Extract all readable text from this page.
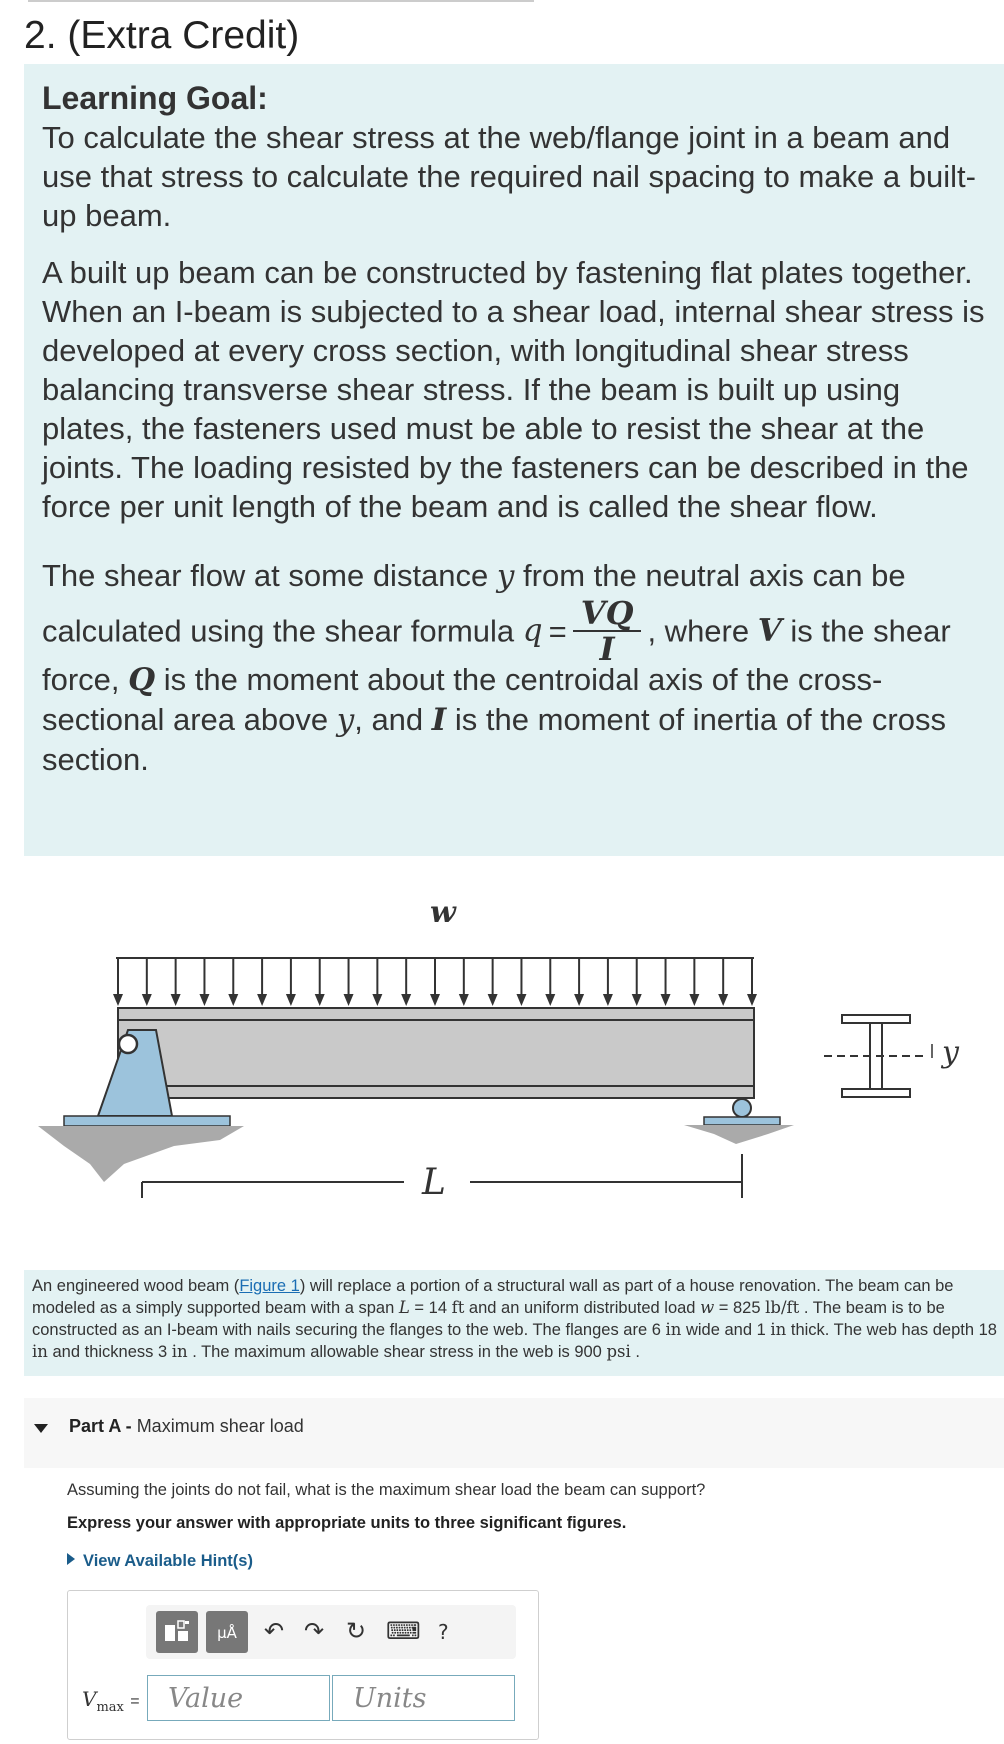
2. (Extra Credit)
Learning Goal:

To calculate the shear stress at the web/flange joint in a beam and use that stress to calculate the required nail spacing to make a built-up beam.

A built up beam can be constructed by fastening flat plates together. When an I-beam is subjected to a shear load, internal shear stress is developed at every cross section, with longitudinal shear stress balancing transverse shear stress. If the beam is built up using plates, the fasteners used must be able to resist the shear at the joints. The loading resisted by the fasteners can be described in the force per unit length of the beam and is called the shear flow.

The shear flow at some distance y from the neutral axis can be
calculated using the shear formula $q = \frac{VQ}{I}$ , where V is the shear
force, Q is the moment about the centroidal axis of the cross-
sectional area above y, and I is the moment of inertia of the cross
section.
w
L
y
An engineered wood beam (Figure 1) will replace a portion of a structural wall as part of a house renovation. The beam can be modeled as a simply supported beam with a span L = 14 ft and an uniform distributed load w = 825 lb/ft . The beam is to be constructed as an I-beam with nails securing the flanges to the web. The flanges are 6 in wide and 1 in thick. The web has depth 18 in and thickness 3 in . The maximum allowable shear stress in the web is 900 psi .
Part A - Maximum shear load
Assuming the joints do not fail, what is the maximum shear load the beam can support?
Express your answer with appropriate units to three significant figures.
View Available Hint(s)
μÅ	↶ ↷ ↻ ⌨ ?
$V_{max}$ =	Value	Units
